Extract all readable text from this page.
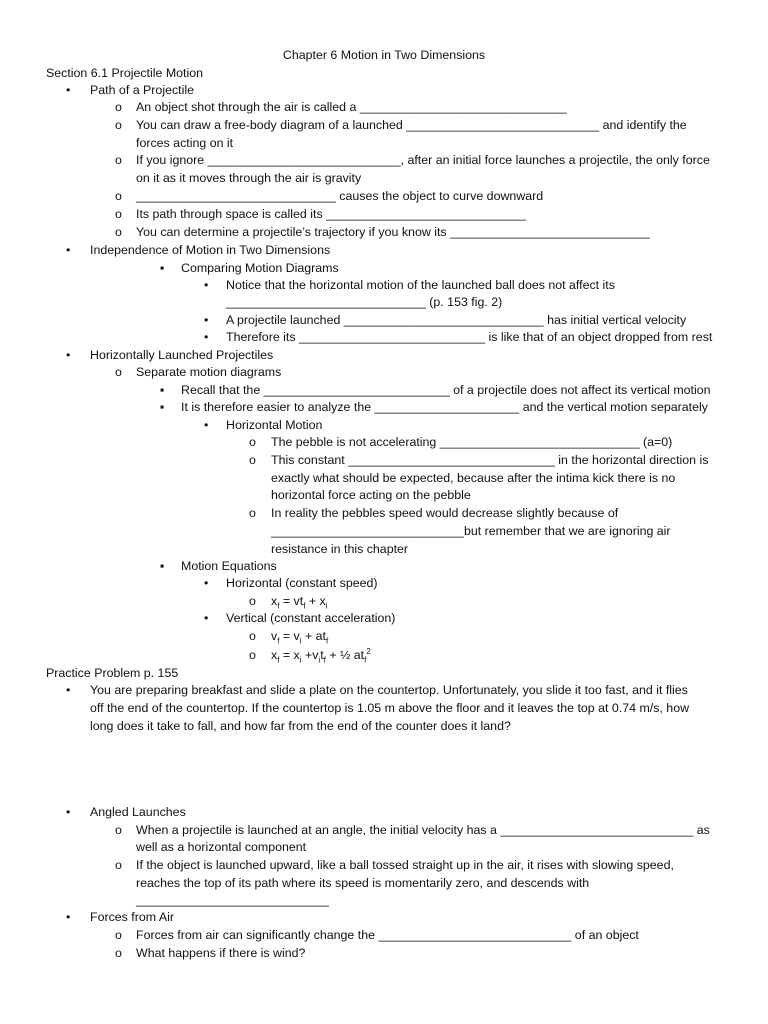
Chapter 6 Motion in Two Dimensions
Section 6.1 Projectile Motion
• Path of a Projectile
o An object shot through the air is called a ______________________________
o You can draw a free-body diagram of a launched ____________________________ and identify the
forces acting on it
o If you ignore ____________________________, after an initial force launches a projectile, the only force
on it as it moves through the air is gravity
o _____________________________ causes the object to curve downward
o Its path through space is called its _____________________________
o You can determine a projectile’s trajectory if you know its _____________________________
• Independence of Motion in Two Dimensions
▪ Comparing Motion Diagrams
• Notice that the horizontal motion of the launched ball does not affect its
_____________________________ (p. 153 fig. 2)
• A projectile launched _____________________________ has initial vertical velocity
• Therefore its ___________________________ is like that of an object dropped from rest
• Horizontally Launched Projectiles
o Separate motion diagrams
▪ Recall that the ___________________________ of a projectile does not affect its vertical motion
▪ It is therefore easier to analyze the _____________________ and the vertical motion separately
• Horizontal Motion
o The pebble is not accelerating _____________________________ (a=0)
o This constant ______________________________ in the horizontal direction is
exactly what should be expected, because after the intima kick there is no
horizontal force acting on the pebble
o In reality the pebbles speed would decrease slightly because of
____________________________but remember that we are ignoring air
resistance in this chapter
▪ Motion Equations
• Horizontal (constant speed)
o $x_f = vt_f + x_i$
• Vertical (constant acceleration)
o $v_f = v_i + at_f$
o $x_f = x_i +v_it_f$ + ½ $at_f^2$
Practice Problem p. 155
• You are preparing breakfast and slide a plate on the countertop. Unfortunately, you slide it too fast, and it flies
off the end of the countertop. If the countertop is 1.05 m above the floor and it leaves the top at 0.74 m/s, how
long does it take to fall, and how far from the end of the counter does it land?
• Angled Launches
o When a projectile is launched at an angle, the initial velocity has a ____________________________ as
well as a horizontal component
o If the object is launched upward, like a ball tossed straight up in the air, it rises with slowing speed,
reaches the top of its path where its speed is momentarily zero, and descends with
____________________________
• Forces from Air
o Forces from air can significantly change the ____________________________ of an object
o What happens if there is wind?
